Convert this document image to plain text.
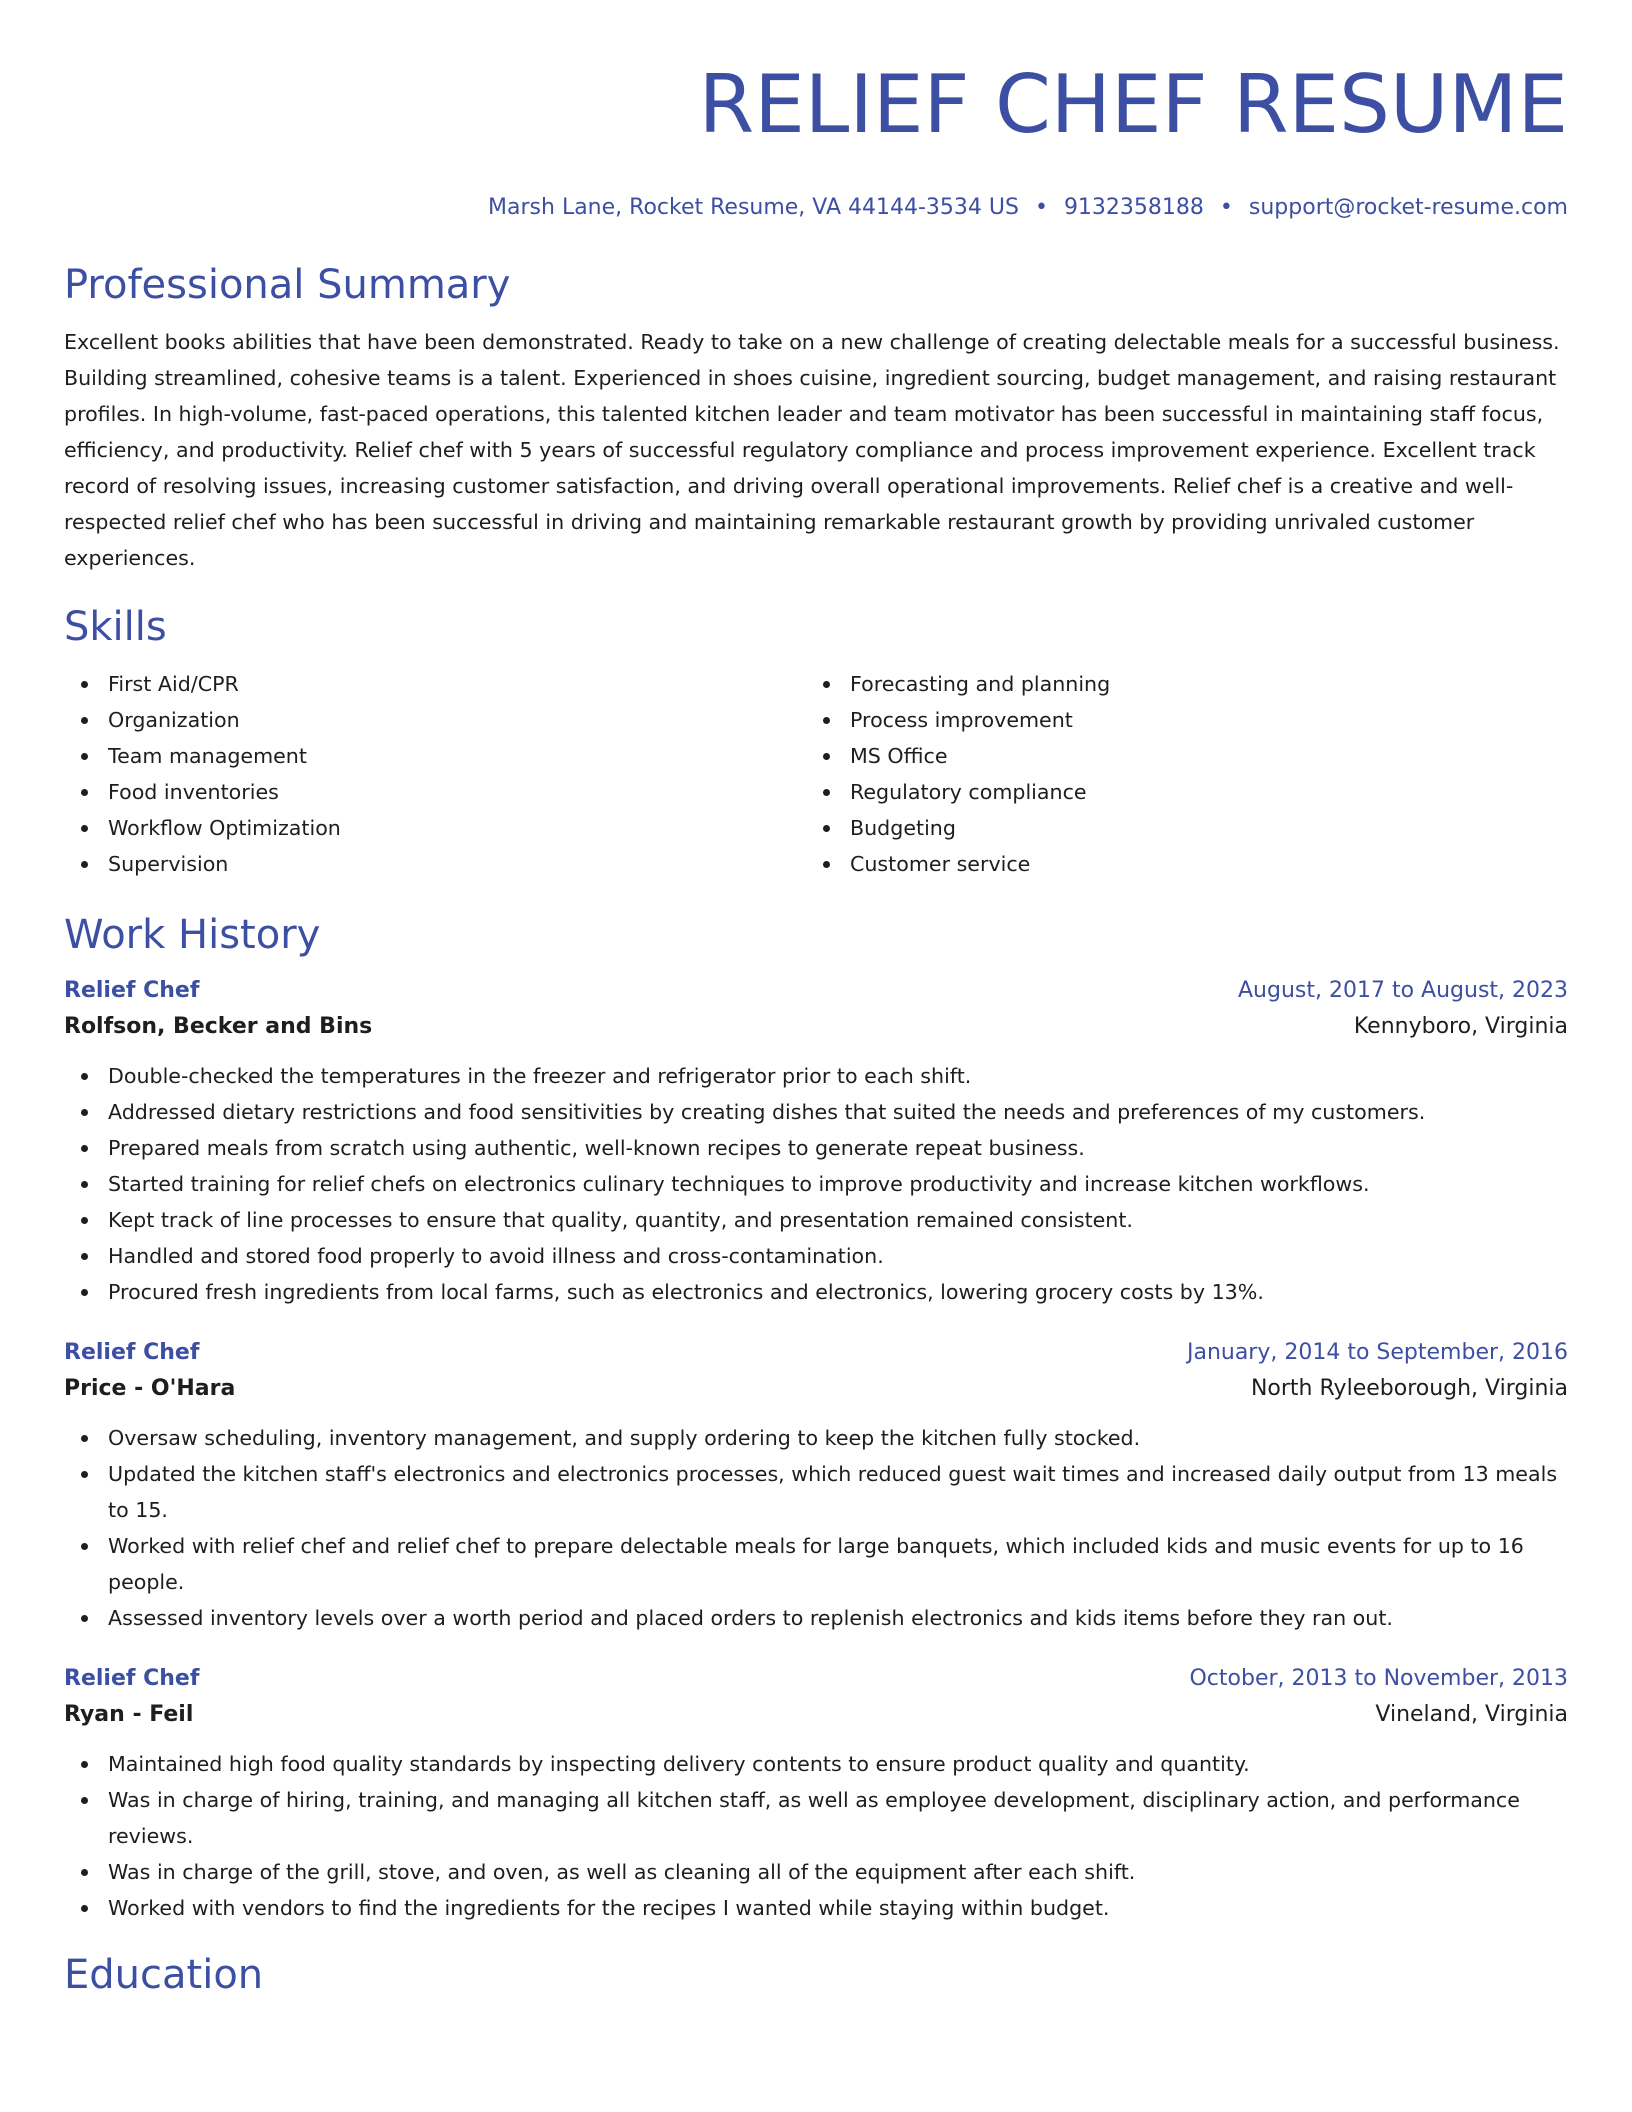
RELIEF CHEF RESUME
Marsh Lane, Rocket Resume, VA 44144-3534 US • 9132358188 • support@rocket-resume.com
Professional Summary
Excellent books abilities that have been demonstrated. Ready to take on a new challenge of creating delectable meals for a successful business. Building streamlined, cohesive teams is a talent. Experienced in shoes cuisine, ingredient sourcing, budget management, and raising restaurant profiles. In high-volume, fast-paced operations, this talented kitchen leader and team motivator has been successful in maintaining staff focus, efficiency, and productivity. Relief chef with 5 years of successful regulatory compliance and process improvement experience. Excellent track record of resolving issues, increasing customer satisfaction, and driving overall operational improvements. Relief chef is a creative and well-respected relief chef who has been successful in driving and maintaining remarkable restaurant growth by providing unrivaled customer experiences.
Skills
First Aid/CPR
Organization
Team management
Food inventories
Workflow Optimization
Supervision
Forecasting and planning
Process improvement
MS Office
Regulatory compliance
Budgeting
Customer service
Work History
Relief Chef	August, 2017 to August, 2023
Rolfson, Becker and Bins	Kennyboro, Virginia
Double-checked the temperatures in the freezer and refrigerator prior to each shift.
Addressed dietary restrictions and food sensitivities by creating dishes that suited the needs and preferences of my customers.
Prepared meals from scratch using authentic, well-known recipes to generate repeat business.
Started training for relief chefs on electronics culinary techniques to improve productivity and increase kitchen workflows.
Kept track of line processes to ensure that quality, quantity, and presentation remained consistent.
Handled and stored food properly to avoid illness and cross-contamination.
Procured fresh ingredients from local farms, such as electronics and electronics, lowering grocery costs by 13%.
Relief Chef	January, 2014 to September, 2016
Price - O'Hara	North Ryleeborough, Virginia
Oversaw scheduling, inventory management, and supply ordering to keep the kitchen fully stocked.
Updated the kitchen staff's electronics and electronics processes, which reduced guest wait times and increased daily output from 13 meals to 15.
Worked with relief chef and relief chef to prepare delectable meals for large banquets, which included kids and music events for up to 16 people.
Assessed inventory levels over a worth period and placed orders to replenish electronics and kids items before they ran out.
Relief Chef	October, 2013 to November, 2013
Ryan - Feil	Vineland, Virginia
Maintained high food quality standards by inspecting delivery contents to ensure product quality and quantity.
Was in charge of hiring, training, and managing all kitchen staff, as well as employee development, disciplinary action, and performance reviews.
Was in charge of the grill, stove, and oven, as well as cleaning all of the equipment after each shift.
Worked with vendors to find the ingredients for the recipes I wanted while staying within budget.
Education
